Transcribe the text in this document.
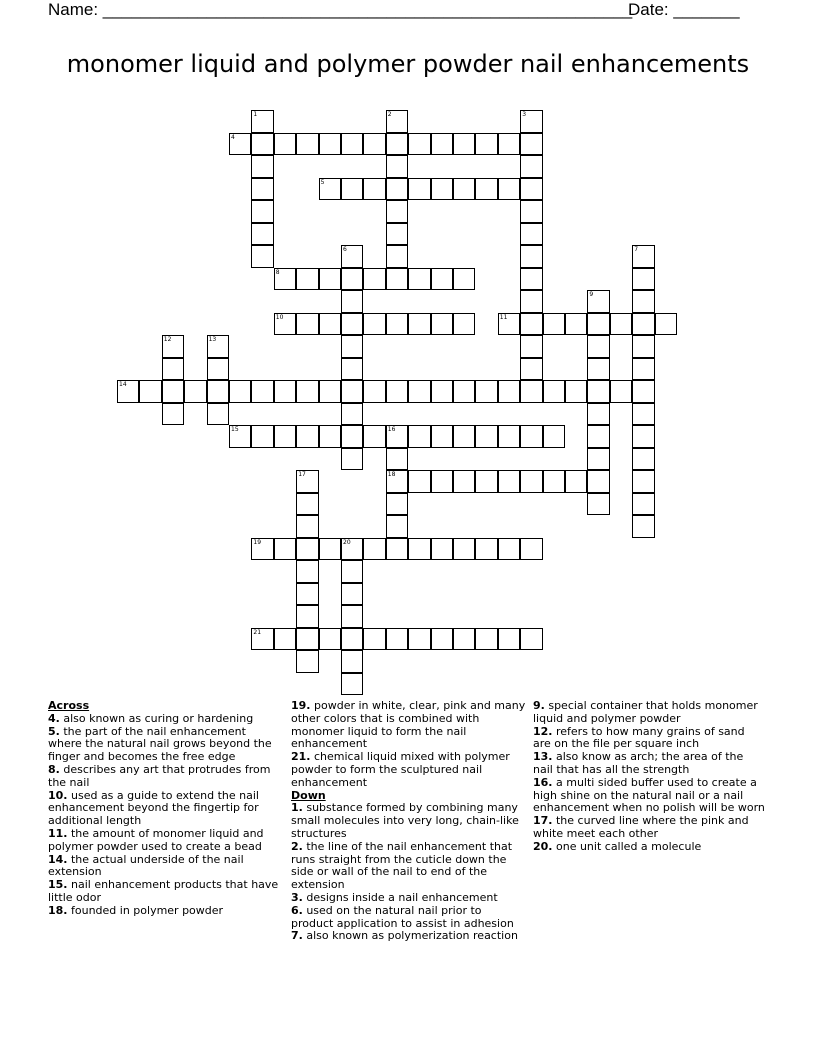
Name: ________________________________________________________
Date: _______
monomer liquid and polymer powder nail enhancements
4
5
8
10	11
14
15	16
18
19	20
21
1	2	3
6	7
9
12	13
17
Across
4. also known as curing or hardening
5. the part of the nail enhancement where the natural nail grows beyond the finger and becomes the free edge
8. describes any art that protrudes from the nail
10. used as a guide to extend the nail enhancement beyond the fingertip for additional length
11. the amount of monomer liquid and polymer powder used to create a bead
14. the actual underside of the nail extension
15. nail enhancement products that have little odor
18. founded in polymer powder
19. powder in white, clear, pink and many other colors that is combined with monomer liquid to form the nail enhancement
21. chemical liquid mixed with polymer powder to form the sculptured nail enhancement
Down
1. substance formed by combining many small molecules into very long, chain-like structures
2. the line of the nail enhancement that runs straight from the cuticle down the side or wall of the nail to end of the extension
3. designs inside a nail enhancement
6. used on the natural nail prior to product application to assist in adhesion
7. also known as polymerization reaction
9. special container that holds monomer liquid and polymer powder
12. refers to how many grains of sand are on the file per square inch
13. also know as arch; the area of the nail that has all the strength
16. a multi sided buffer used to create a high shine on the natural nail or a nail enhancement when no polish will be worn
17. the curved line where the pink and white meet each other
20. one unit called a molecule
